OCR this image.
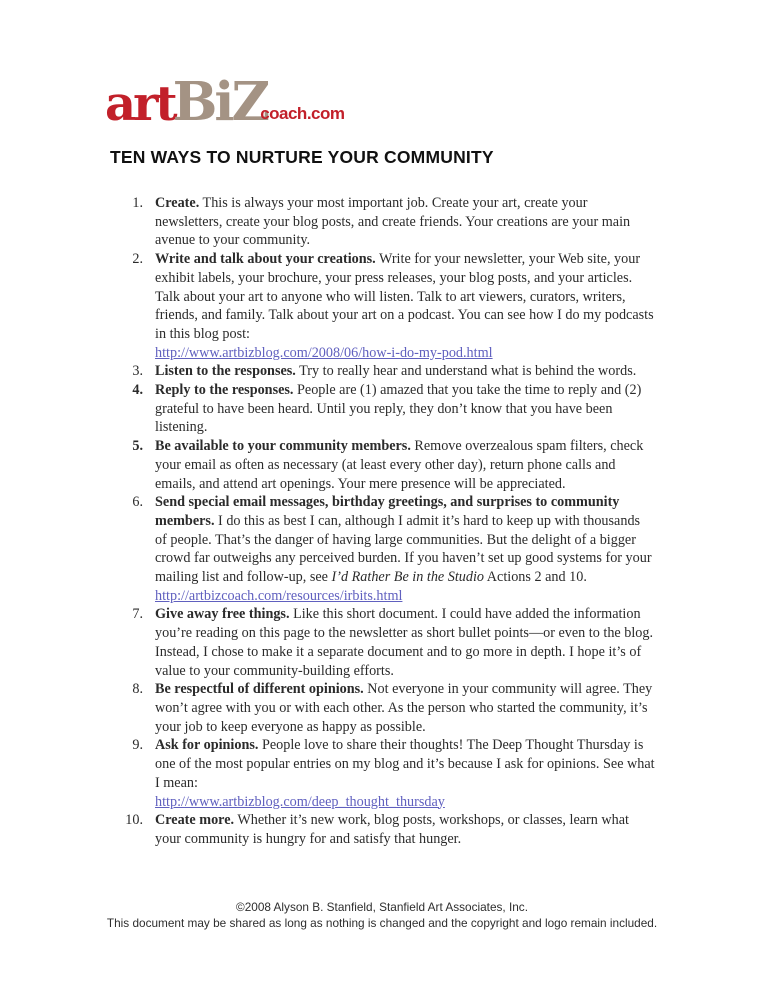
artBiZcoach.com
TEN WAYS TO NURTURE YOUR COMMUNITY
1. Create. This is always your most important job. Create your art, create your newsletters, create your blog posts, and create friends. Your creations are your main avenue to your community.
2. Write and talk about your creations. Write for your newsletter, your Web site, your exhibit labels, your brochure, your press releases, your blog posts, and your articles. Talk about your art to anyone who will listen. Talk to art viewers, curators, writers, friends, and family. Talk about your art on a podcast. You can see how I do my podcasts in this blog post:
http://www.artbizblog.com/2008/06/how-i-do-my-pod.html
3. Listen to the responses. Try to really hear and understand what is behind the words.
4. Reply to the responses. People are (1) amazed that you take the time to reply and (2) grateful to have been heard. Until you reply, they don’t know that you have been listening.
5. Be available to your community members. Remove overzealous spam filters, check your email as often as necessary (at least every other day), return phone calls and emails, and attend art openings. Your mere presence will be appreciated.
6. Send special email messages, birthday greetings, and surprises to community members. I do this as best I can, although I admit it’s hard to keep up with thousands of people. That’s the danger of having large communities. But the delight of a bigger crowd far outweighs any perceived burden. If you haven’t set up good systems for your mailing list and follow-up, see I’d Rather Be in the Studio Actions 2 and 10. http://artbizcoach.com/resources/irbits.html
7. Give away free things. Like this short document. I could have added the information you’re reading on this page to the newsletter as short bullet points—or even to the blog. Instead, I chose to make it a separate document and to go more in depth. I hope it’s of value to your community-building efforts.
8. Be respectful of different opinions. Not everyone in your community will agree. They won’t agree with you or with each other. As the person who started the community, it’s your job to keep everyone as happy as possible.
9. Ask for opinions. People love to share their thoughts! The Deep Thought Thursday is one of the most popular entries on my blog and it’s because I ask for opinions. See what I mean:
http://www.artbizblog.com/deep_thought_thursday
10. Create more. Whether it’s new work, blog posts, workshops, or classes, learn what your community is hungry for and satisfy that hunger.
©2008 Alyson B. Stanfield, Stanfield Art Associates, Inc.
This document may be shared as long as nothing is changed and the copyright and logo remain included.
